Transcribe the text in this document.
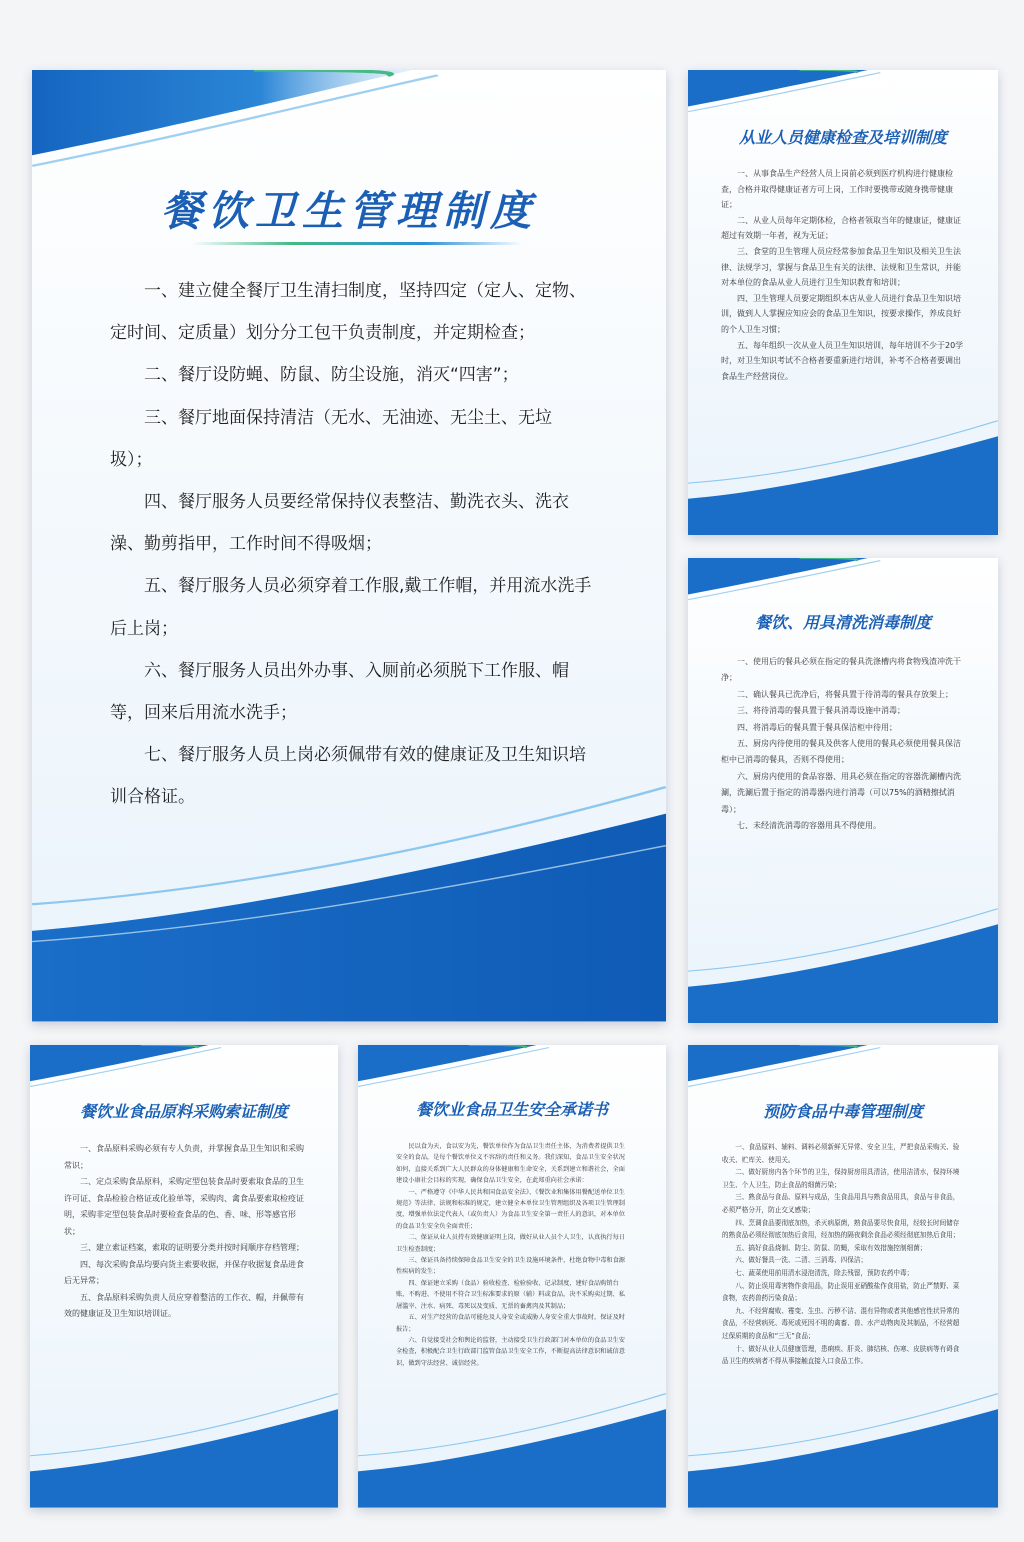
餐饮卫生管理制度

一、建立健全餐厅卫生清扫制度，坚持四定（定人、定物、定时间、定质量）划分分工包干负责制度，并定期检查；

二、餐厅设防蝇、防鼠、防尘设施，消灭“四害”；

三、餐厅地面保持清洁（无水、无油迹、无尘土、无垃圾）；

四、餐厅服务人员要经常保持仪表整洁、勤洗衣头、洗衣澡、勤剪指甲，工作时间不得吸烟；

五、餐厅服务人员必须穿着工作服,戴工作帽，并用流水洗手后上岗；

六、餐厅服务人员出外办事、入厕前必须脱下工作服、帽等，回来后用流水洗手；

七、餐厅服务人员上岗必须佩带有效的健康证及卫生知识培训合格证。

从业人员健康检查及培训制度

一、从事食品生产经营人员上岗前必须到医疗机构进行健康检查，合格并取得健康证者方可上岗，工作时要携带或随身携带健康证；

二、从业人员每年定期体检，合格者领取当年的健康证，健康证超过有效期一年者，视为无证；

三、食堂的卫生管理人员应经常参加食品卫生知识及相关卫生法律、法规学习，掌握与食品卫生有关的法律、法规和卫生常识，并能对本单位的食品从业人员进行卫生知识教育和培训；

四、卫生管理人员要定期组织本店从业人员进行食品卫生知识培训，做到人人掌握应知应会的食品卫生知识，按要求操作，养成良好的个人卫生习惯；

五、每年组织一次从业人员卫生知识培训，每年培训不少于20学时，对卫生知识考试不合格者要重新进行培训，补考不合格者要调出食品生产经营岗位。

餐饮、用具清洗消毒制度

一、使用后的餐具必须在指定的餐具洗涤槽内将食物残渣冲洗干净；

二、确认餐具已洗净后，将餐具置于待消毒的餐具存放架上；

三、将待消毒的餐具置于餐具消毒设施中消毒；

四、将消毒后的餐具置于餐具保洁柜中待用；

五、厨房内待使用的餐具及供客人使用的餐具必须使用餐具保洁柜中已消毒的餐具，否则不得使用；

六、厨房内使用的食品容器、用具必须在指定的容器洗涮槽内洗涮，洗涮后置于指定的消毒器内进行消毒（可以75%的酒精擦拭消毒）；

七、未经清洗消毒的容器用具不得使用。

餐饮业食品原料采购索证制度

一、食品原料采购必须有专人负责，并掌握食品卫生知识和采购常识；

二、定点采购食品原料，采购定型包装食品时要索取食品的卫生许可证、食品检验合格证或化验单等，采购肉、禽食品要索取检疫证明，采购非定型包装食品时要检查食品的色、香、味、形等感官形状；

三、建立索证档案，索取的证明要分类并按时间顺序存档管理；

四、每次采购食品均要向货主索要收据，并保存收据复食品进食后无异常；

五、食品原料采购负责人员应穿着整洁的工作衣、帽，并佩带有效的健康证及卫生知识培训证。

餐饮业食品卫生安全承诺书

民以食为天，食以安为先，餐饮单位作为食品卫生责任主体，为消费者提供卫生安全的食品，是每个餐饮单位义不容辞的责任和义务。我们深知，食品卫生安全状况如何，直接关系到广大人民群众的身体健康和生命安全，关系到建立和谐社会，全面建设小康社会目标的实现，确保食品卫生安全，在此郑重向社会承诺：

一、严格遵守《中华人民共和国食品安全法》、《餐饮业和集体用餐配送单位卫生规范》等法律、法规和标准的规定，建立健全本单位卫生管理组织及各项卫生管理制度，增强单位法定代表人（或负责人）为食品卫生安全第一责任人的意识，对本单位的食品卫生安全负全面责任；

二、保证从业人员持有效健康证明上岗，做好从业人员个人卫生，认真执行每日卫生检查制度；

三、保证具备持续保障食品卫生安全的卫生设施环境条件，杜绝食物中毒和食源性疾病的发生；

四、保证建立采购（食品）验收检查、检验验收、记录制度，建好食品购销台账，不购进、不使用不符合卫生标准要求的原（辅）料或食品，决不采购卖过期、私屠滥宰、注水、病死、毒死以及变质、无票的畜禽肉及其制品；

五、对生产经营的食品可能危及人身安全或威胁人身安全重大事故时，保证及时报告；

六、自觉接受社会和舆论的监督，主动接受卫生行政部门对本单位的食品卫生安全检查，积极配合卫生行政部门监管食品卫生安全工作，不断提高法律意识和诚信意识，做到守法经营、诚信经营。

预防食品中毒管理制度

一、食品原料、辅料、调料必须新鲜无异常、安全卫生，严把食品采购关、验收关、贮库关、使用关。

二、做好厨房内各个环节的卫生，保持厨房用具清洁，使用洁清水，保持环境卫生、个人卫生，防止食品的细菌污染；

三、熟食品与食品、原料与成品，生食品用具与熟食品用具，食品与非食品，必须严格分开，防止交叉感染；

四、烹调食品要彻底加热，杀灭病原菌，熟食品要尽快食用，经较长时间储存的熟食品必须经彻底加热后食用，经加热的隔夜剩余食品必须经彻底加热后食用；

五、搞好食品烧制、防尘、防鼠、防蝇，采取有效措施控制细菌；

六、做好餐具一洗、二清、三消毒、四保洁；

七、蔬菜使用前用清水浸泡清洗，除去残留，预防农药中毒；

八、防止误用毒害物作食用品，防止误用亚硝酸盐作食用盐，防止严禁野、菜食物，农药兽药污染食品；

九、不经营腐败、霉变、生虫、污秽不洁、混有异物或者其他感官性状异常的食品，不经营病死、毒死或死因不明的禽畜、兽、水产动物肉及其制品，不经营超过保质期的食品和“三无”食品；

十、做好从业人员健康管理，患痢疾、肝炎、肺结核、伤寒、皮肤病等有碍食品卫生的疾病者不得从事接触直接入口食品工作。
